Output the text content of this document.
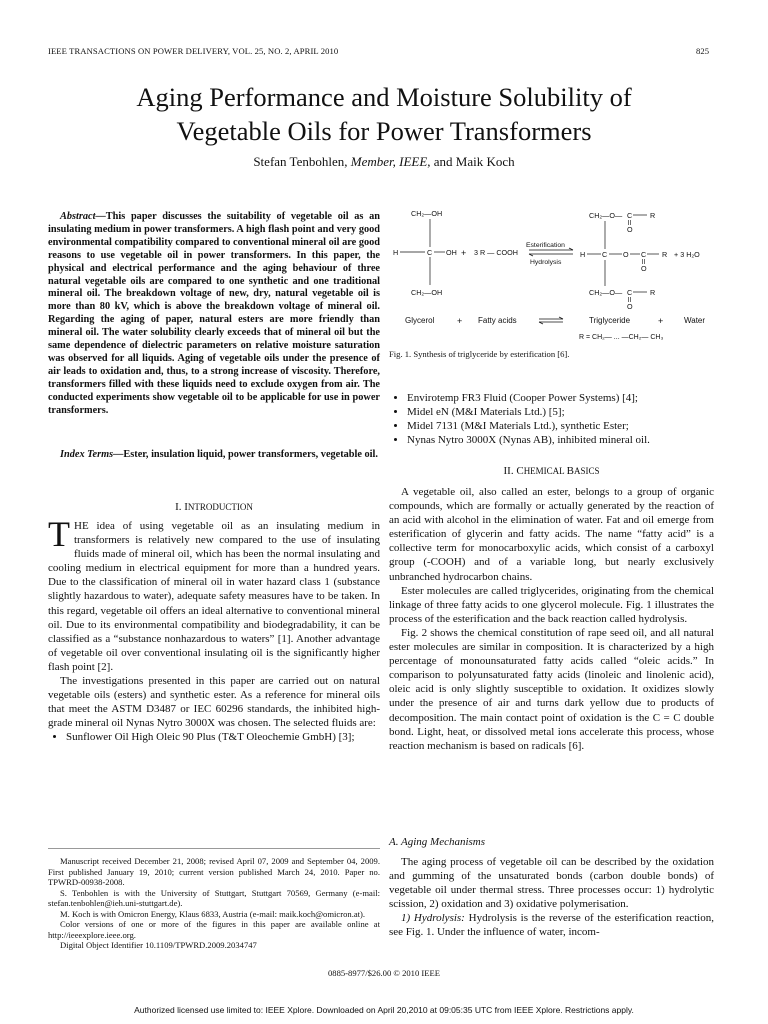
IEEE TRANSACTIONS ON POWER DELIVERY, VOL. 25, NO. 2, APRIL 2010	825
Aging Performance and Moisture Solubility of
Vegetable Oils for Power Transformers
Stefan Tenbohlen, Member, IEEE, and Maik Koch

Abstract—This paper discusses the suitability of vegetable oil as an insulating medium in power transformers. A high flash point and very good environmental compatibility compared to conventional mineral oil are good reasons to use vegetable oil in power transformers. In this paper, the physical and electrical performance and the aging behaviour of three natural vegetable oils are compared to one synthetic and one traditional mineral oil. The breakdown voltage of new, dry, natural vegetable oil is more than 80 kV, which is above the breakdown voltage of mineral oil. Regarding the aging of paper, natural esters are more friendly than mineral oil. The water solubility clearly exceeds that of mineral oil but the same dependence of dielectric parameters on relative moisture saturation was observed for all liquids. Aging of vegetable oils under the presence of air leads to oxidation and, thus, to a strong increase of viscosity. Therefore, transformers filled with these liquids need to exclude oxygen from air. The conducted experiments show vegetable oil to be applicable for use in power transformers.

Index Terms—Ester, insulation liquid, power transformers, vegetable oil.

I. INTRODUCTION

THE idea of using vegetable oil as an insulating medium in transformers is relatively new compared to the use of insulating fluids made of mineral oil, which has been the normal insulating and cooling medium in electrical equipment for more than a hundred years. Due to the classification of mineral oil in water hazard class 1 (substance slightly hazardous to water), adequate safety measures have to be taken. In this regard, vegetable oil offers an ideal alternative to conventional mineral oil. Due to its environmental compatibility and biodegradability, it can be classified as a “substance nonhazardous to waters” [1]. Another advantage of vegetable oil over conventional insulating oil is the significantly higher flash point [2].

The investigations presented in this paper are carried out on natural vegetable oils (esters) and synthetic ester. As a reference for mineral oils that meet the ASTM D3487 or IEC 60296 standards, the inhibited high-grade mineral oil Nynas Nytro 3000X was chosen. The selected fluids are:

• Sunflower Oil High Oleic 90 Plus (T&T Oleochemie GmbH) [3];

Manuscript received December 21, 2008; revised April 07, 2009 and September 04, 2009. First published January 19, 2010; current version published March 24, 2010. Paper no. TPWRD-00938-2008.

S. Tenbohlen is with the University of Stuttgart, Stuttgart 70569, Germany (e-mail: stefan.tenbohlen@ieh.uni-stuttgart.de).

M. Koch is with Omicron Energy, Klaus 6833, Austria (e-mail: maik.koch@omicron.at).

Color versions of one or more of the figures in this paper are available online at http://ieeexplore.ieee.org.

Digital Object Identifier 10.1109/TPWRD.2009.2034747

CH₂—OH
H	C OH
CH₂—OH
+ 3 R — COOH
Esterification
Hydrolysis
CH₂—O— C R
O
H C O C R
O
+ 3 H₂O
CH₂—O— C R
O
Glycerol	+ Fatty acids	Triglyceride	+	Water
R = CH₂— ... —CH₂— CH₃
Fig. 1. Synthesis of triglyceride by esterification [6].
• Envirotemp FR3 Fluid (Cooper Power Systems) [4];
• Midel eN (M&I Materials Ltd.) [5];
• Midel 7131 (M&I Materials Ltd.), synthetic Ester;
• Nynas Nytro 3000X (Nynas AB), inhibited mineral oil.
II. CHEMICAL BASICS

A vegetable oil, also called an ester, belongs to a group of organic compounds, which are formally or actually generated by the reaction of an acid with alcohol in the elimination of water. Fat and oil emerge from esterification of glycerin and fatty acids. The name “fatty acid” is a collective term for monocarboxylic acids, which consist of a carboxyl group (-COOH) and of a variable long, but nearly exclusively unbranched hydrocarbon chains.

Ester molecules are called triglycerides, originating from the chemical linkage of three fatty acids to one glycerol molecule. Fig. 1 illustrates the process of the esterification and the back reaction called hydrolysis.

Fig. 2 shows the chemical constitution of rape seed oil, and all natural ester molecules are similar in composition. It is characterized by a high percentage of monounsaturated fatty acids called “oleic acids.” In comparison to polyunsaturated fatty acids (linoleic and linolenic acid), oleic acid is only slightly susceptible to oxidation. It oxidizes slowly under the presence of air and turns dark yellow due to products of decomposition. The main contact point of oxidation is the C = C double bond. Light, heat, or dissolved metal ions accelerate this process, whose reaction mechanism is based on radicals [6].

A. Aging Mechanisms

The aging process of vegetable oil can be described by the oxidation and gumming of the unsaturated bonds (carbon double bonds) of vegetable oil under thermal stress. Three processes occur: 1) hydrolytic scission, 2) oxidation and 3) oxidative polymerisation.

1) Hydrolysis: Hydrolysis is the reverse of the esterification reaction, see Fig. 1. Under the influence of water, incom-

0885-8977/$26.00 © 2010 IEEE
Authorized licensed use limited to: IEEE Xplore. Downloaded on April 20,2010 at 09:05:35 UTC from IEEE Xplore. Restrictions apply.
